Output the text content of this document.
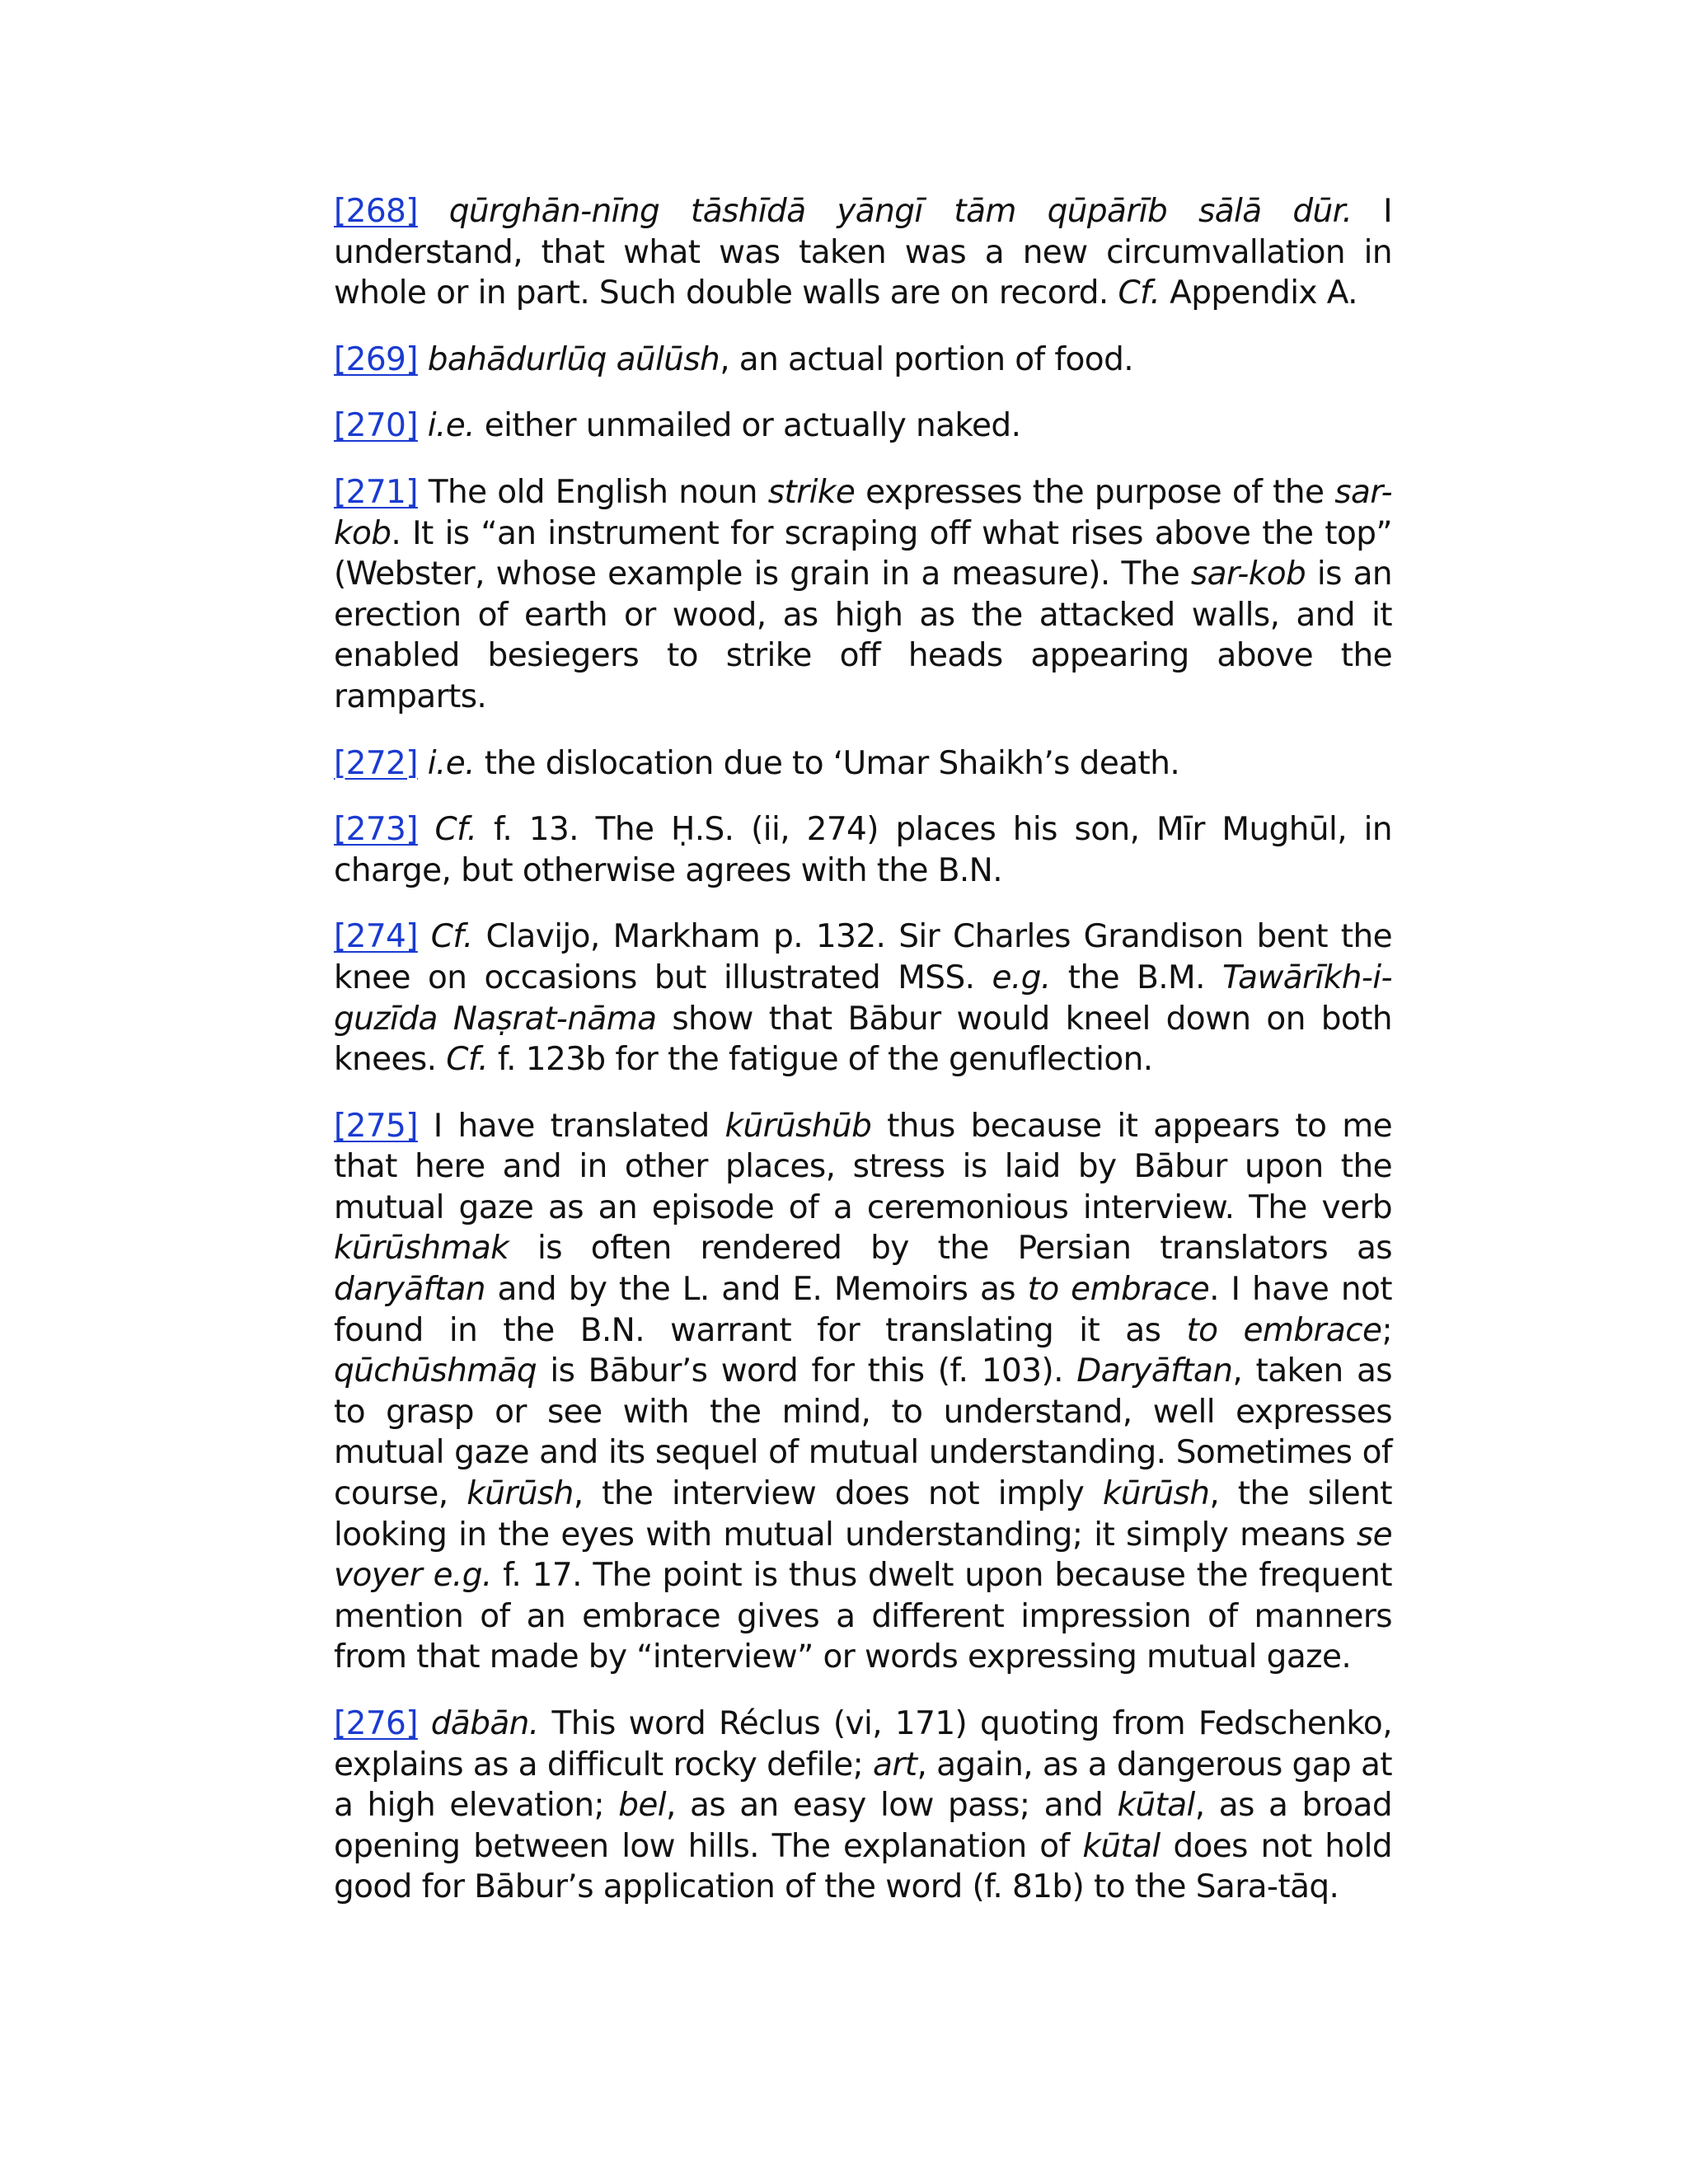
[268] qūrghān-nīng tāshīdā yāngī tām qūpārīb sālā dūr. I understand, that what was taken was a new circumvallation in whole or in part. Such double walls are on record. Cf. Appendix A.

[269] bahādurlūq aūlūsh, an actual portion of food.

[270] i.e. either unmailed or actually naked.

[271] The old English noun strike expresses the purpose of the sar-kob. It is “an instrument for scraping off what rises above the top” (Webster, whose example is grain in a measure). The sar-kob is an erection of earth or wood, as high as the attacked walls, and it enabled besiegers to strike off heads appearing above the ramparts.

[272] i.e. the dislocation due to ‘Umar Shaikh’s death.

[273] Cf. f. 13. The Ḥ.S. (ii, 274) places his son, Mīr Mughūl, in charge, but otherwise agrees with the B.N.

[274] Cf. Clavijo, Markham p. 132. Sir Charles Grandison bent the knee on occasions but illustrated MSS. e.g. the B.M. Tawārīkh-i-guzīda Naṣrat-nāma show that Bābur would kneel down on both knees. Cf. f. 123b for the fatigue of the genuflection.

[275] I have translated kūrūshūb thus because it appears to me that here and in other places, stress is laid by Bābur upon the mutual gaze as an episode of a ceremonious interview. The verb kūrūshmak is often rendered by the Persian translators as daryāftan and by the L. and E. Memoirs as to embrace. I have not found in the B.N. warrant for translating it as to embrace; qūchūshmāq is Bābur’s word for this (f. 103). Daryāftan, taken as to grasp or see with the mind, to understand, well expresses mutual gaze and its sequel of mutual understanding. Sometimes of course, kūrūsh, the interview does not imply kūrūsh, the silent looking in the eyes with mutual understanding; it simply means se voyer e.g. f. 17. The point is thus dwelt upon because the frequent mention of an embrace gives a different impression of manners from that made by “interview” or words expressing mutual gaze.

[276] dābān. This word Réclus (vi, 171) quoting from Fedschenko, explains as a difficult rocky defile; art, again, as a dangerous gap at a high elevation; bel, as an easy low pass; and kūtal, as a broad opening between low hills. The explanation of kūtal does not hold good for Bābur’s application of the word (f. 81b) to the Sara-tāq.
